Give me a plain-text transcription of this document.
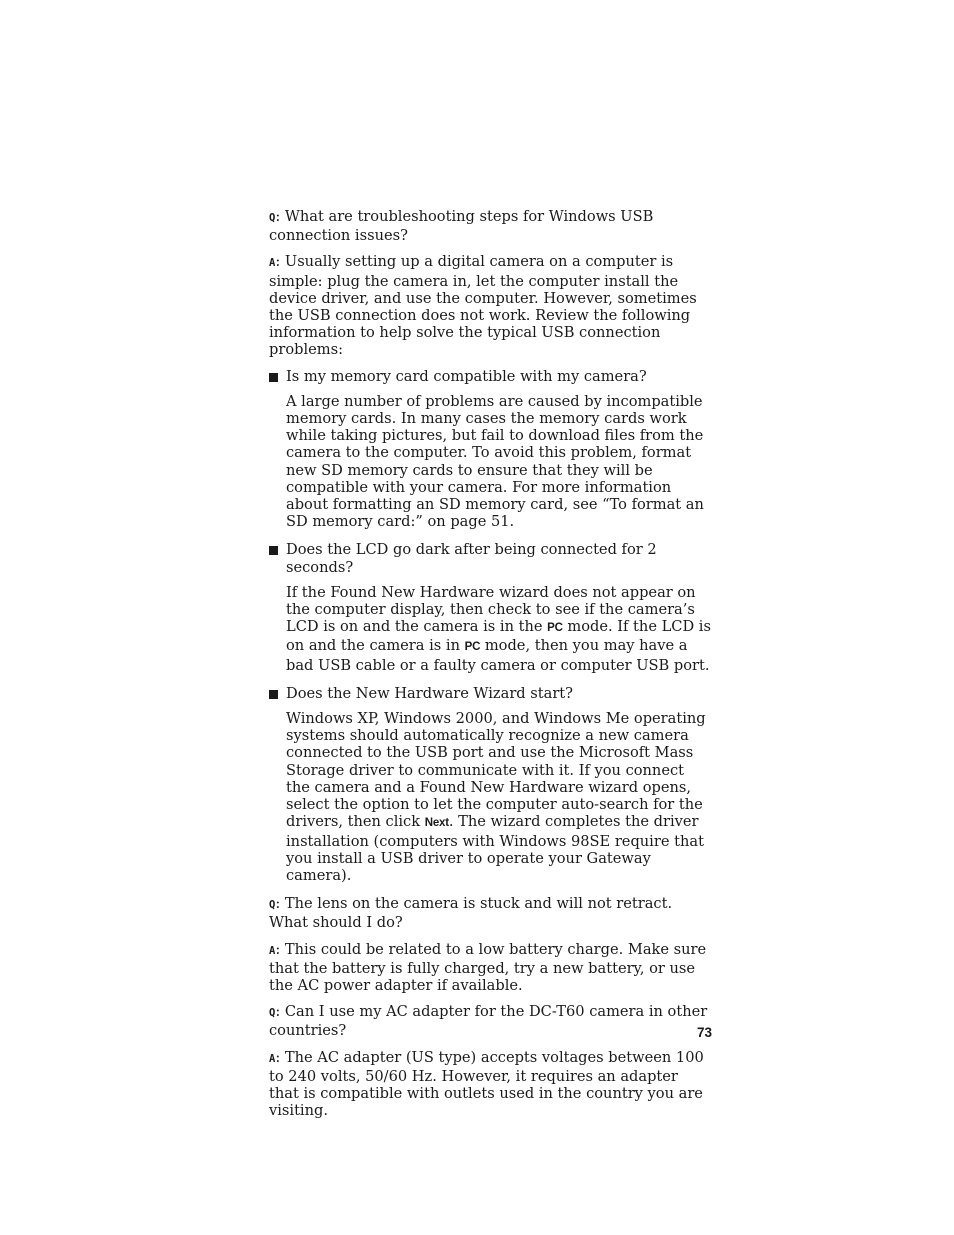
Q: What are troubleshooting steps for Windows USB connection issues?

A: Usually setting up a digital camera on a computer is simple: plug the camera in, let the computer install the device driver, and use the computer. However, sometimes the USB connection does not work. Review the following information to help solve the typical USB connection problems:

Is my memory card compatible with my camera?

A large number of problems are caused by incompatible memory cards. In many cases the memory cards work while taking pictures, but fail to download files from the camera to the computer. To avoid this problem, format new SD memory cards to ensure that they will be compatible with your camera. For more information about formatting an SD memory card, see “To format an SD memory card:” on page 51.

Does the LCD go dark after being connected for 2 seconds?

If the Found New Hardware wizard does not appear on the computer display, then check to see if the camera’s LCD is on and the camera is in the PC mode. If the LCD is on and the camera is in PC mode, then you may have a bad USB cable or a faulty camera or computer USB port.

Does the New Hardware Wizard start?

Windows XP, Windows 2000, and Windows Me operating systems should automatically recognize a new camera connected to the USB port and use the Microsoft Mass Storage driver to communicate with it. If you connect the camera and a Found New Hardware wizard opens, select the option to let the computer auto-search for the drivers, then click Next. The wizard completes the driver installation (computers with Windows 98SE require that you install a USB driver to operate your Gateway camera).

Q: The lens on the camera is stuck and will not retract. What should I do?

A: This could be related to a low battery charge. Make sure that the battery is fully charged, try a new battery, or use the AC power adapter if available.

Q: Can I use my AC adapter for the DC-T60 camera in other countries?

A: The AC adapter (US type) accepts voltages between 100 to 240 volts, 50/60 Hz. However, it requires an adapter that is compatible with outlets used in the country you are visiting.

73
